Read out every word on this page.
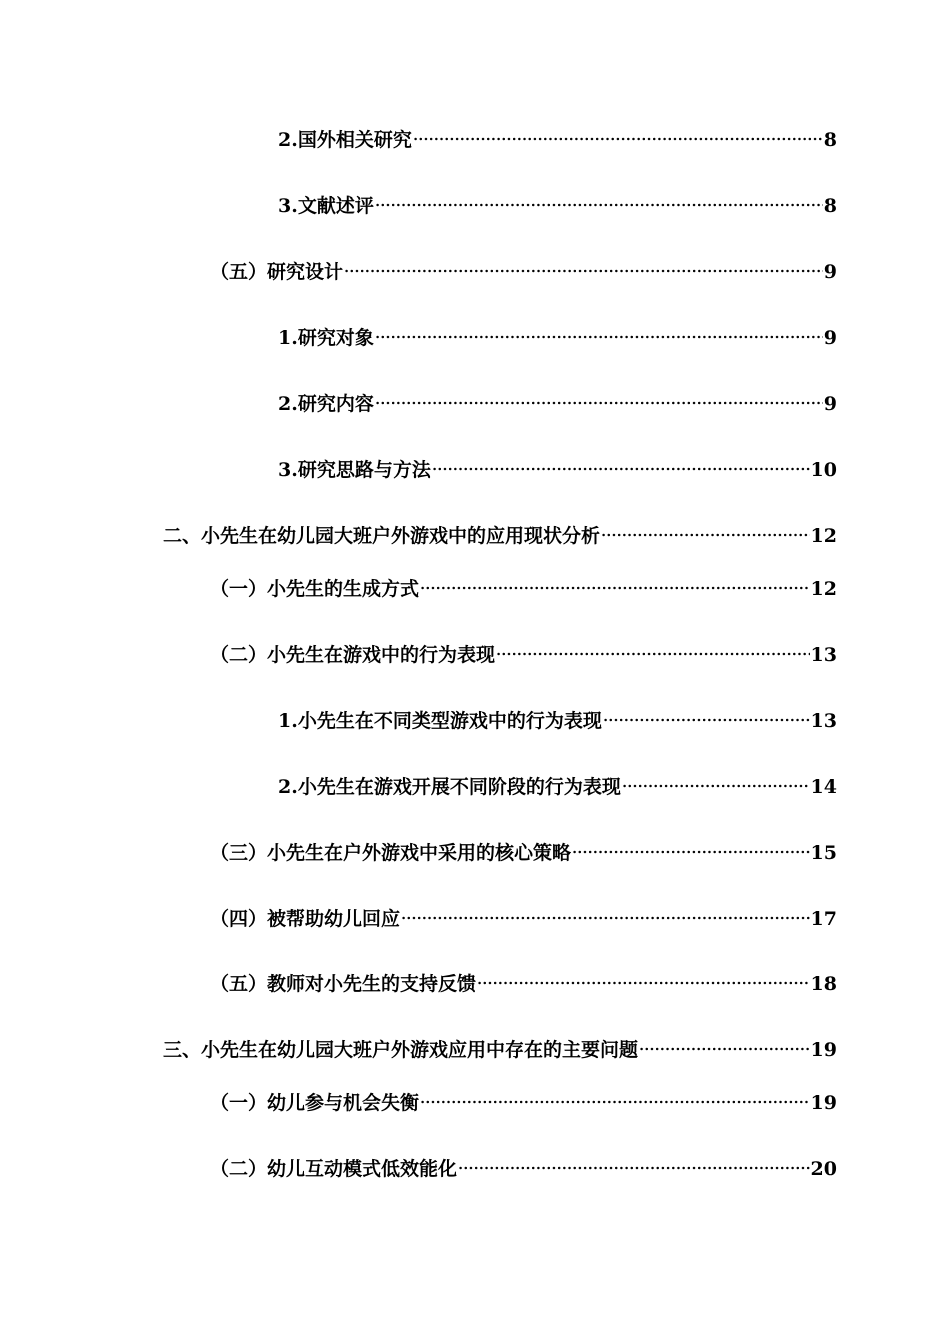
2.国外相关研究	8
3.文献述评	8
（五）研究设计	9
1.研究对象	9
2.研究内容	9
3.研究思路与方法	10
二、小先生在幼儿园大班户外游戏中的应用现状分析	12
（一）小先生的生成方式	12
（二）小先生在游戏中的行为表现	13
1.小先生在不同类型游戏中的行为表现	13
2.小先生在游戏开展不同阶段的行为表现	14
（三）小先生在户外游戏中采用的核心策略	15
（四）被帮助幼儿回应	17
（五）教师对小先生的支持反馈	18
三、小先生在幼儿园大班户外游戏应用中存在的主要问题	19
（一）幼儿参与机会失衡	19
（二）幼儿互动模式低效能化	20
